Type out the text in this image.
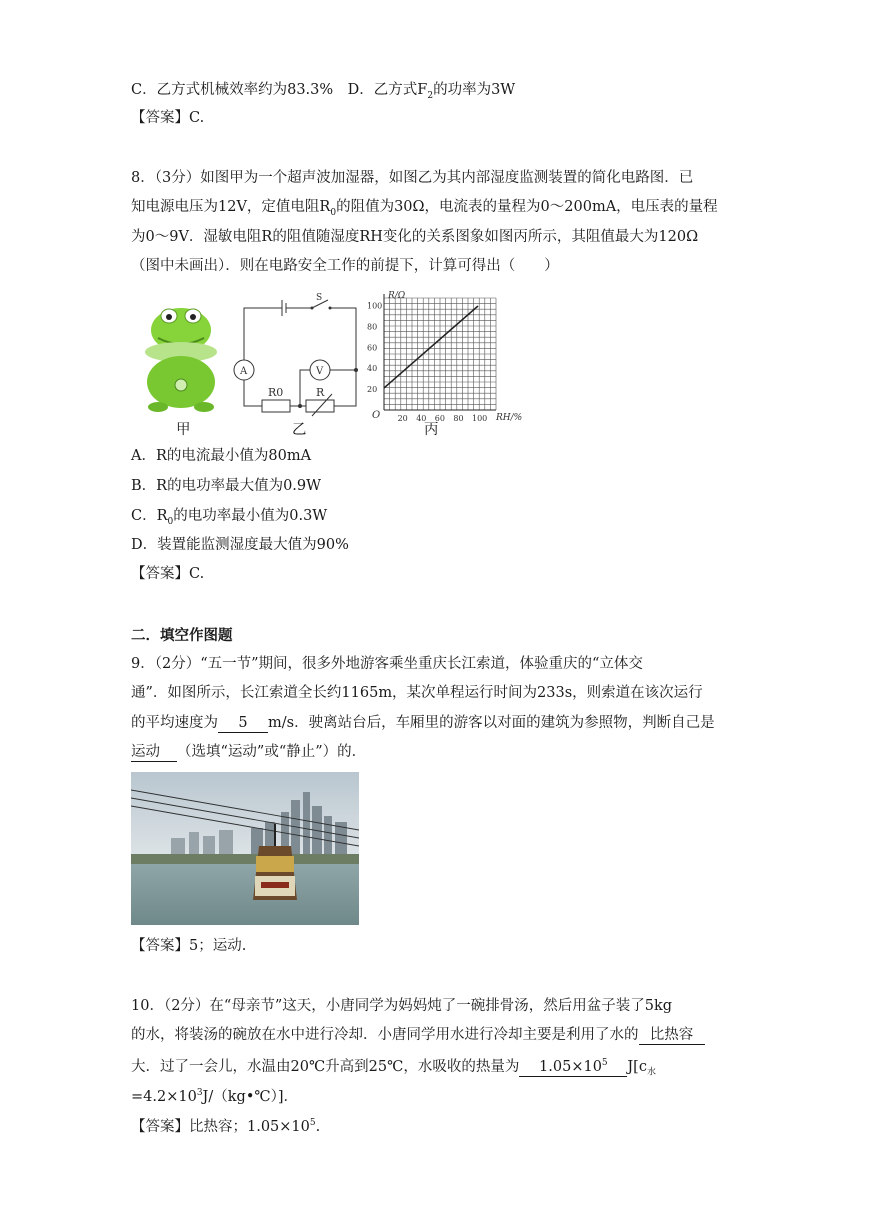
C．乙方式机械效率约为83.3%　D．乙方式$F_2$的功率为3W
【答案】C.
8．（3分）如图甲为一个超声波加湿器，如图乙为其内部湿度监测装置的简化电路图．已
知电源电压为12V，定值电阻$R_0$的阻值为30Ω，电流表的量程为0～200mA，电压表的量程
为0～9V．湿敏电阻R的阻值随湿度RH变化的关系图象如图丙所示，其阻值最大为120Ω
（图中未画出）．则在电路安全工作的前提下，计算可得出（　　）
甲
S
A	V
R0	R
乙
R/Ω
RH/%
O
100
80
60
40
20
20 40 60 80 100
丙
A．R的电流最小值为80mA
B．R的电功率最大值为0.9W
C．$R_0$的电功率最小值为0.3W
D．装置能监测湿度最大值为90%
【答案】C.
二．填空作图题
9．（2分）“五一节”期间，很多外地游客乘坐重庆长江索道，体验重庆的“立体交
通”．如图所示，长江索道全长约1165m，某次单程运行时间为233s，则索道在该次运行
的平均速度为 5 m/s．驶离站台后，车厢里的游客以对面的建筑为参照物，判断自己是
运动 （选填“运动”或“静止”）的．
【答案】5；运动.
10．（2分）在“母亲节”这天，小唐同学为妈妈炖了一碗排骨汤，然后用盆子装了5kg
的水，将装汤的碗放在水中进行冷却．小唐同学用水进行冷却主要是利用了水的 比热容
大．过了一会儿，水温由20℃升高到25℃，水吸收的热量为 $1.05\times 10^5$ $J[c_水$
$=4.2\times 10^3J/(kg•℃)$]．
【答案】比热容；$1.05\times 10^5$.
